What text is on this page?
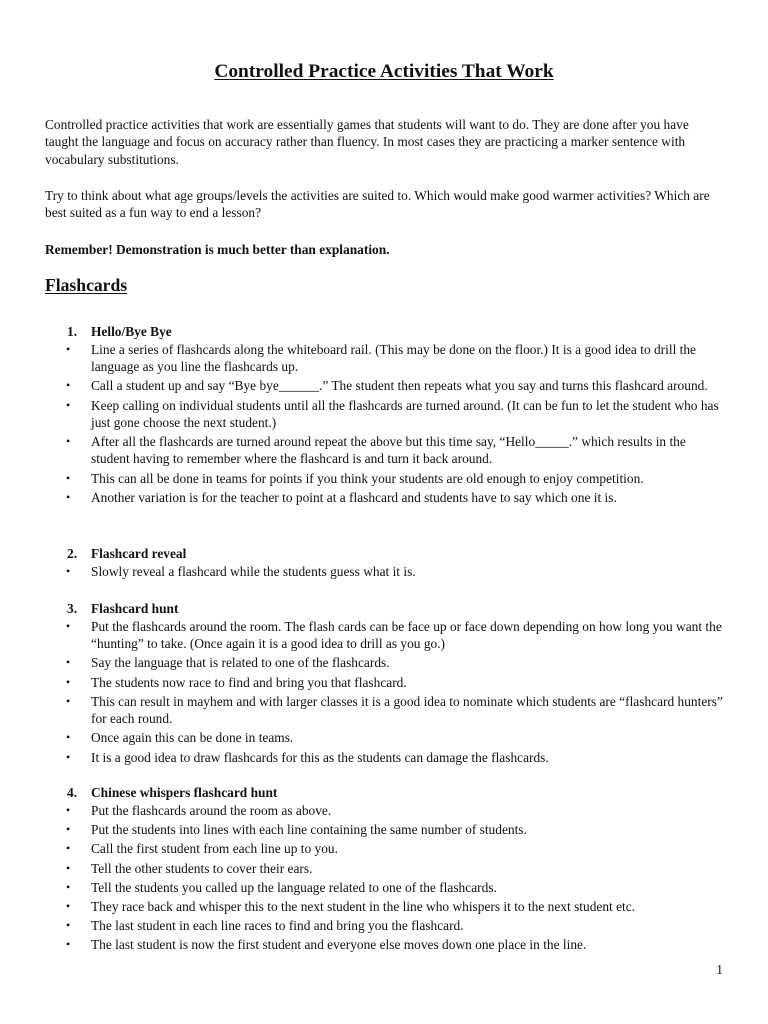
Controlled Practice Activities That Work

Controlled practice activities that work are essentially games that students will want to do. They are done after you have taught the language and focus on accuracy rather than fluency. In most cases they are practicing a marker sentence with vocabulary substitutions.

Try to think about what age groups/levels the activities are suited to. Which would make good warmer activities? Which are best suited as a fun way to end a lesson?

Remember! Demonstration is much better than explanation.

Flashcards
1. Hello/Bye Bye
• Line a series of flashcards along the whiteboard rail. (This may be done on the floor.) It is a good idea to drill the language as you line the flashcards up.
• Call a student up and say “Bye bye______.” The student then repeats what you say and turns this flashcard around.
• Keep calling on individual students until all the flashcards are turned around. (It can be fun to let the student who has just gone choose the next student.)
• After all the flashcards are turned around repeat the above but this time say, “Hello_____.” which results in the student having to remember where the flashcard is and turn it back around.
• This can all be done in teams for points if you think your students are old enough to enjoy competition.
• Another variation is for the teacher to point at a flashcard and students have to say which one it is.
2. Flashcard reveal
• Slowly reveal a flashcard while the students guess what it is.
3. Flashcard hunt
• Put the flashcards around the room. The flash cards can be face up or face down depending on how long you want the “hunting” to take. (Once again it is a good idea to drill as you go.)
• Say the language that is related to one of the flashcards.
• The students now race to find and bring you that flashcard.
• This can result in mayhem and with larger classes it is a good idea to nominate which students are “flashcard hunters” for each round.
• Once again this can be done in teams.
• It is a good idea to draw flashcards for this as the students can damage the flashcards.
4. Chinese whispers flashcard hunt
• Put the flashcards around the room as above.
• Put the students into lines with each line containing the same number of students.
• Call the first student from each line up to you.
• Tell the other students to cover their ears.
• Tell the students you called up the language related to one of the flashcards.
• They race back and whisper this to the next student in the line who whispers it to the next student etc.
• The last student in each line races to find and bring you the flashcard.
• The last student is now the first student and everyone else moves down one place in the line.
1
